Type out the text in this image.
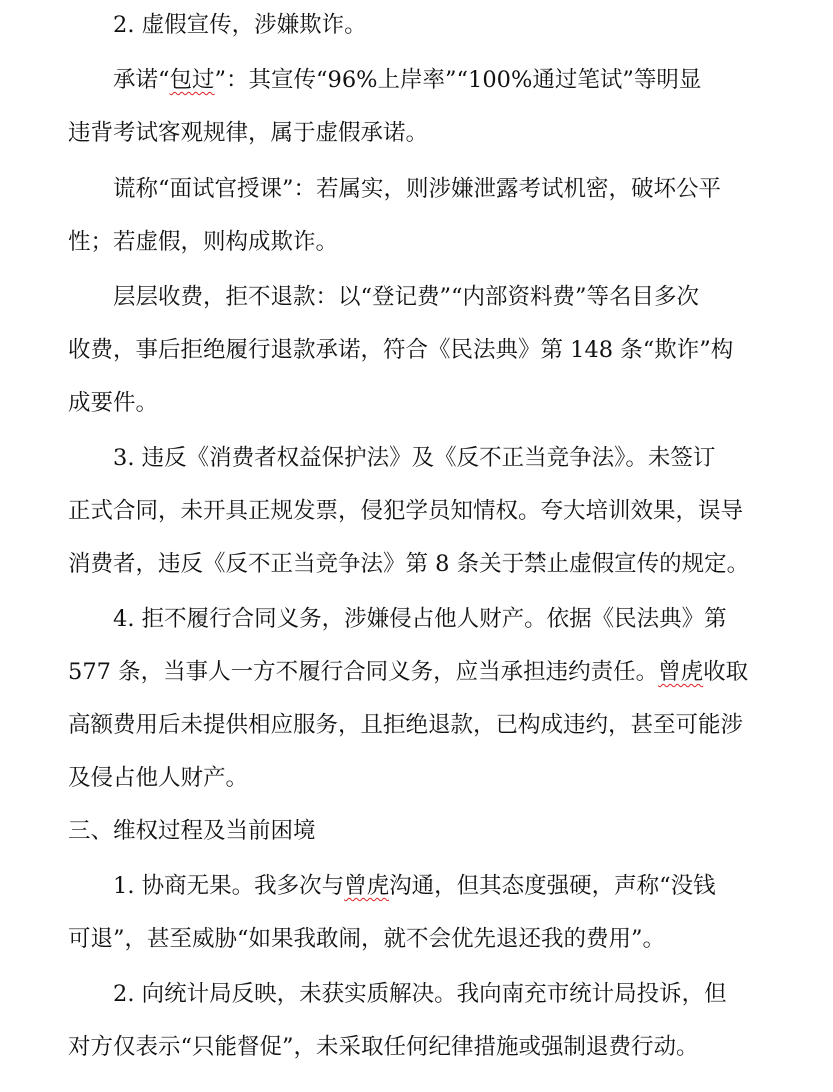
2. 虚假宣传，涉嫌欺诈。
承诺“包过”：其宣传“96%上岸率”“100%通过笔试”等明显
违背考试客观规律，属于虚假承诺。
谎称“面试官授课”：若属实，则涉嫌泄露考试机密，破坏公平
性；若虚假，则构成欺诈。
层层收费，拒不退款：以“登记费”“内部资料费”等名目多次
收费，事后拒绝履行退款承诺，符合《民法典》第 148 条“欺诈”构
成要件。
3. 违反《消费者权益保护法》及《反不正当竞争法》。未签订
正式合同，未开具正规发票，侵犯学员知情权。夸大培训效果，误导
消费者，违反《反不正当竞争法》第 8 条关于禁止虚假宣传的规定。
4. 拒不履行合同义务，涉嫌侵占他人财产。依据《民法典》第
577 条，当事人一方不履行合同义务，应当承担违约责任。曾虎收取
高额费用后未提供相应服务，且拒绝退款，已构成违约，甚至可能涉
及侵占他人财产。
三、维权过程及当前困境
1. 协商无果。我多次与曾虎沟通，但其态度强硬，声称“没钱
可退”，甚至威胁“如果我敢闹，就不会优先退还我的费用”。
2. 向统计局反映，未获实质解决。我向南充市统计局投诉，但
对方仅表示“只能督促”，未采取任何纪律措施或强制退费行动。
